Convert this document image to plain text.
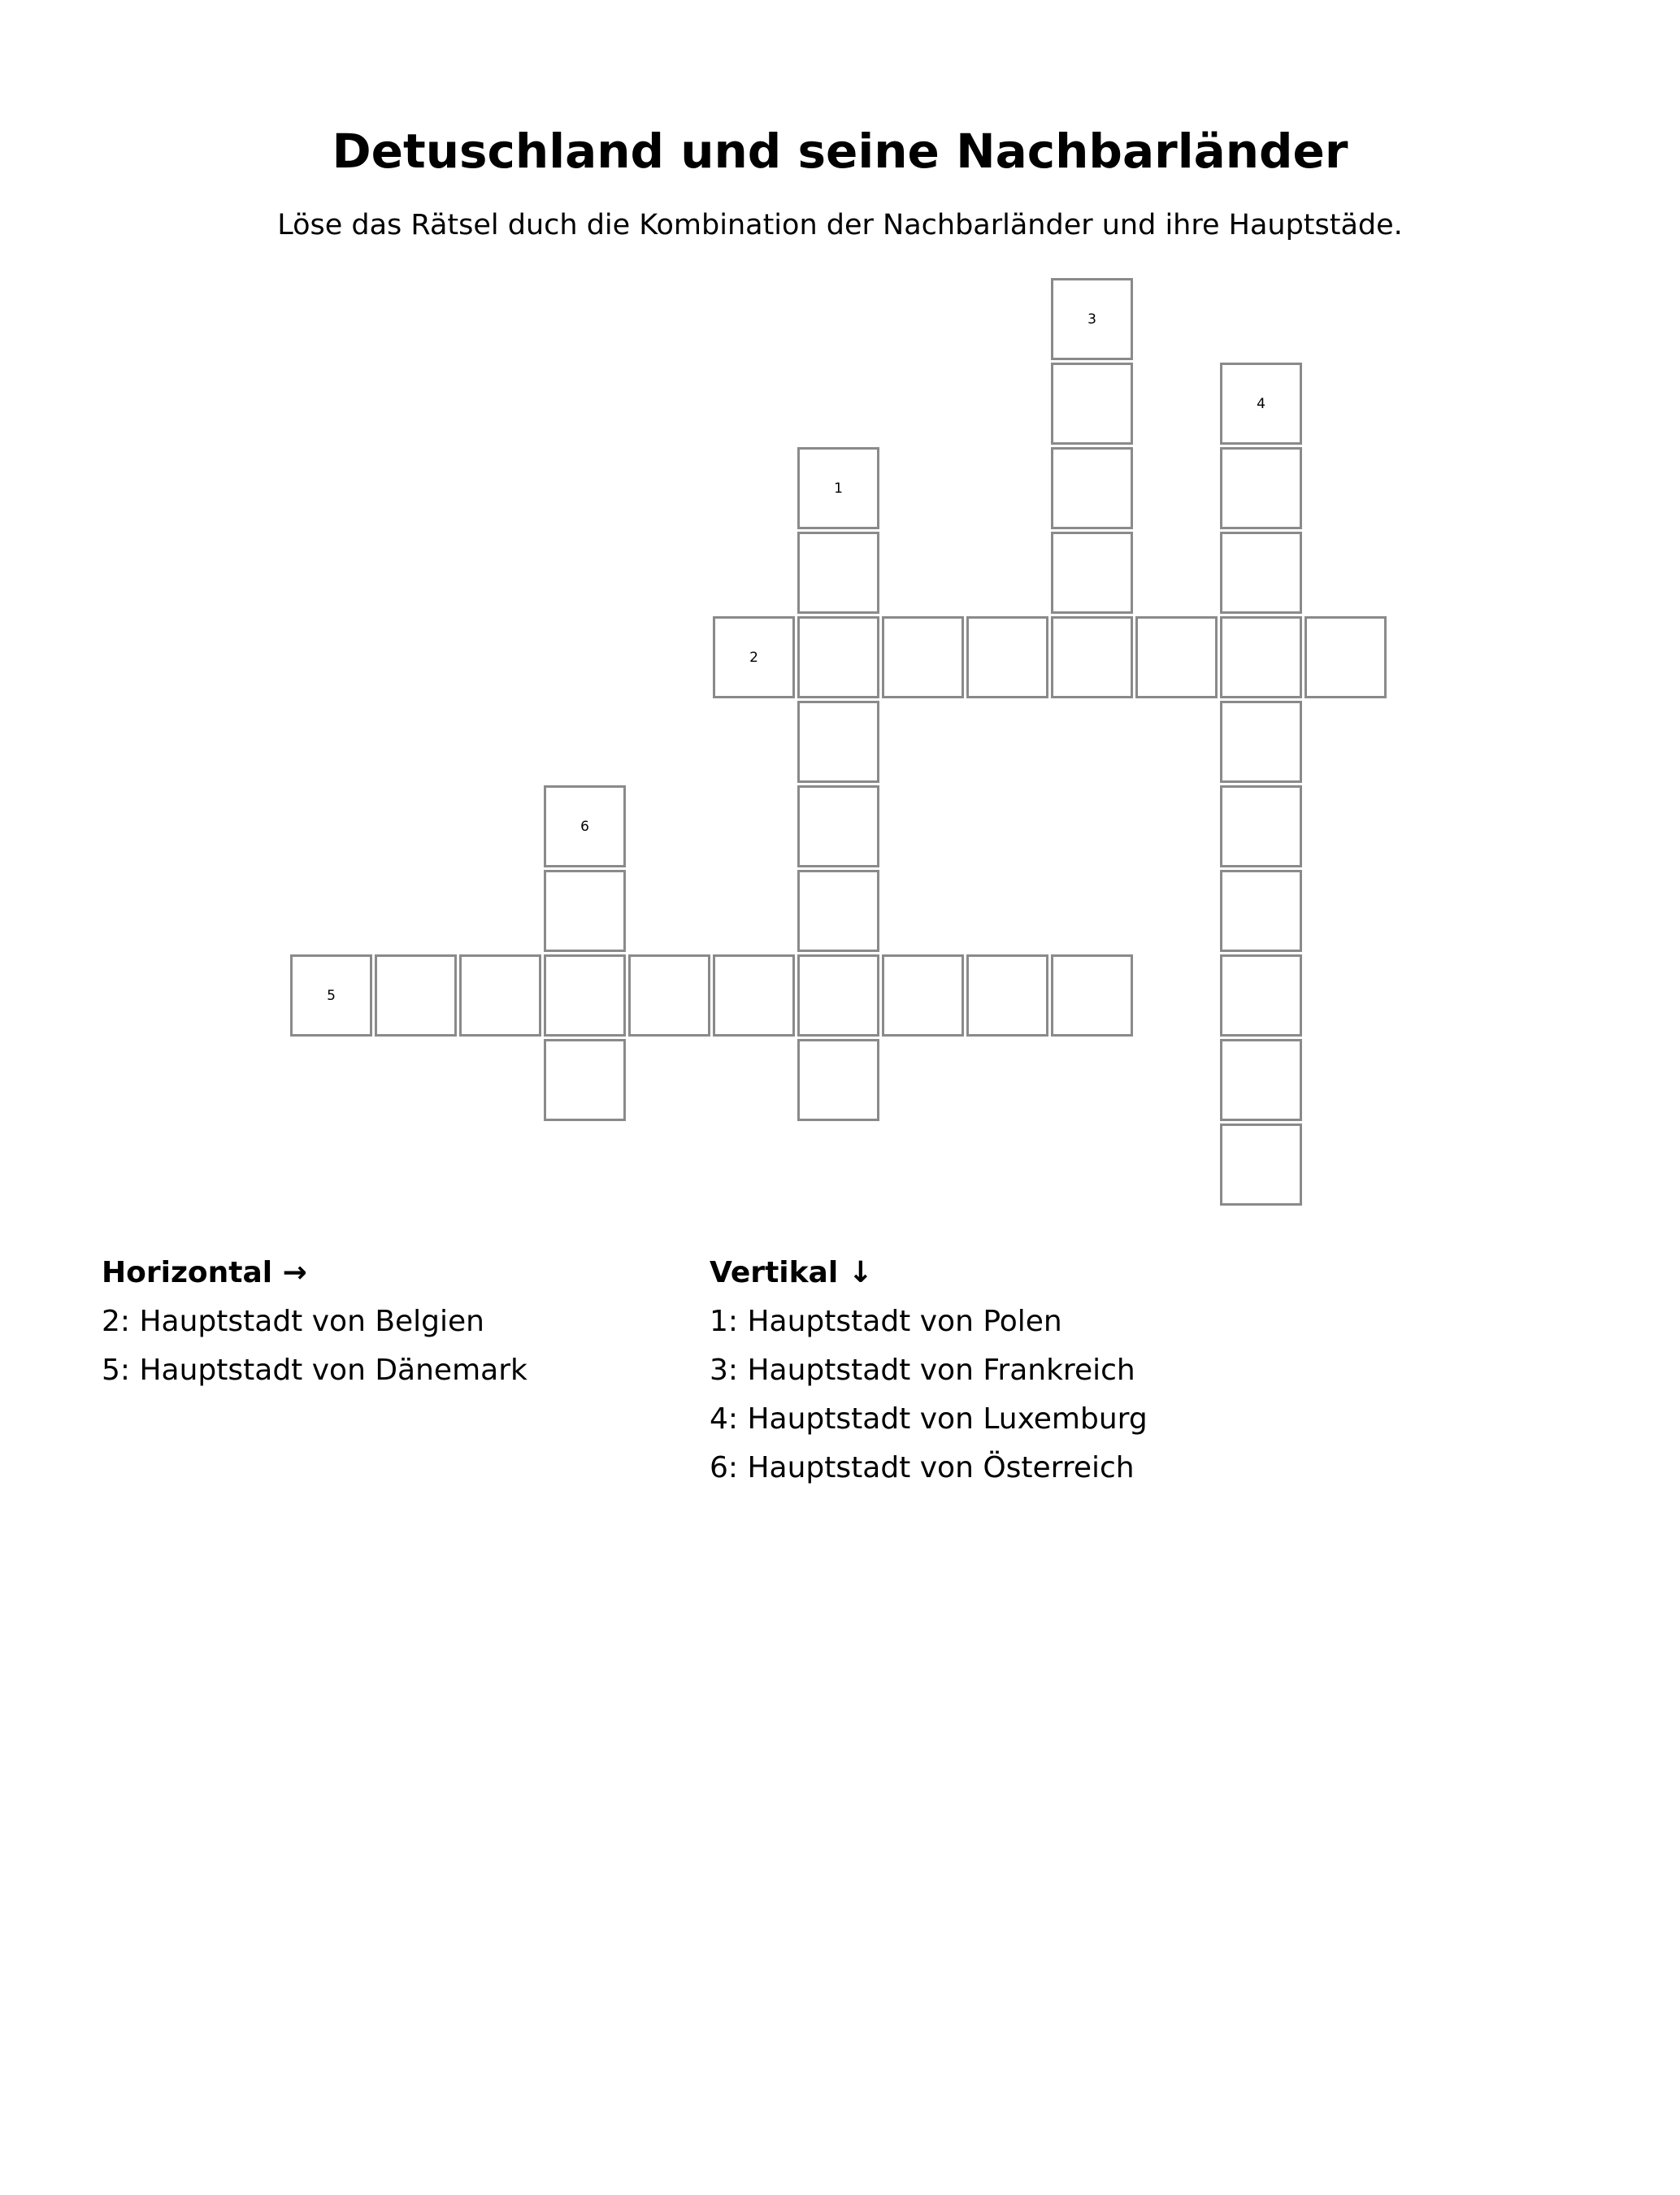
Detuschland und seine Nachbarländer

Löse das Rätsel duch die Kombination der Nachbarländer und ihre Hauptstäde.

1
2
3
4
5
6
Horizontal →
2: Hauptstadt von Belgien
5: Hauptstadt von Dänemark
Vertikal ↓
1: Hauptstadt von Polen
3: Hauptstadt von Frankreich
4: Hauptstadt von Luxemburg
6: Hauptstadt von Österreich
